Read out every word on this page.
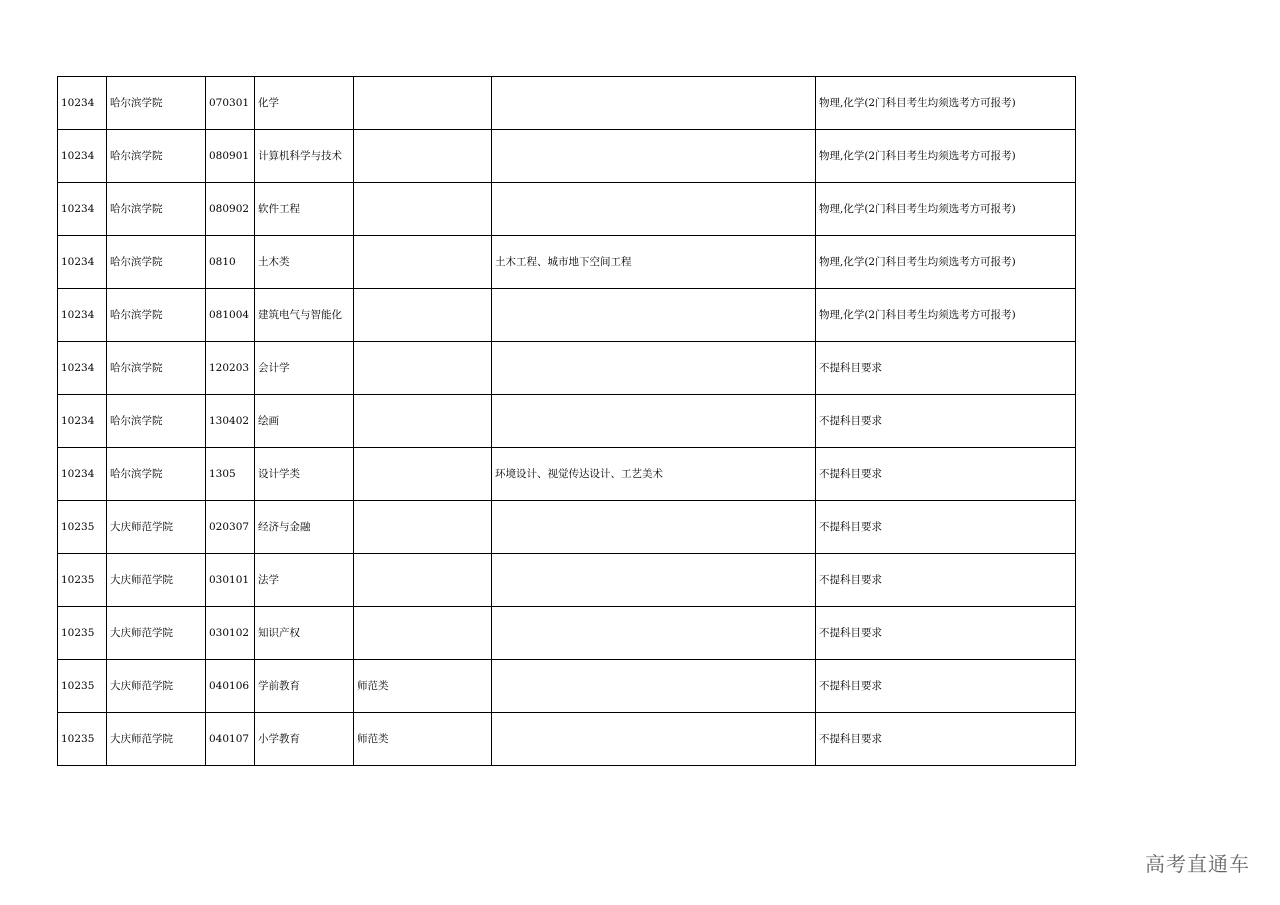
10234	哈尔滨学院	070301	化学			物理,化学(2门科目考生均须选考方可报考)
10234	哈尔滨学院	080901	计算机科学与技术			物理,化学(2门科目考生均须选考方可报考)
10234	哈尔滨学院	080902	软件工程			物理,化学(2门科目考生均须选考方可报考)
10234	哈尔滨学院	0810	土木类		土木工程、城市地下空间工程	物理,化学(2门科目考生均须选考方可报考)
10234	哈尔滨学院	081004	建筑电气与智能化			物理,化学(2门科目考生均须选考方可报考)
10234	哈尔滨学院	120203	会计学			不提科目要求
10234	哈尔滨学院	130402	绘画			不提科目要求
10234	哈尔滨学院	1305	设计学类		环境设计、视觉传达设计、工艺美术	不提科目要求
10235	大庆师范学院	020307	经济与金融			不提科目要求
10235	大庆师范学院	030101	法学			不提科目要求
10235	大庆师范学院	030102	知识产权			不提科目要求
10235	大庆师范学院	040106	学前教育	师范类		不提科目要求
10235	大庆师范学院	040107	小学教育	师范类		不提科目要求
高考直通车
